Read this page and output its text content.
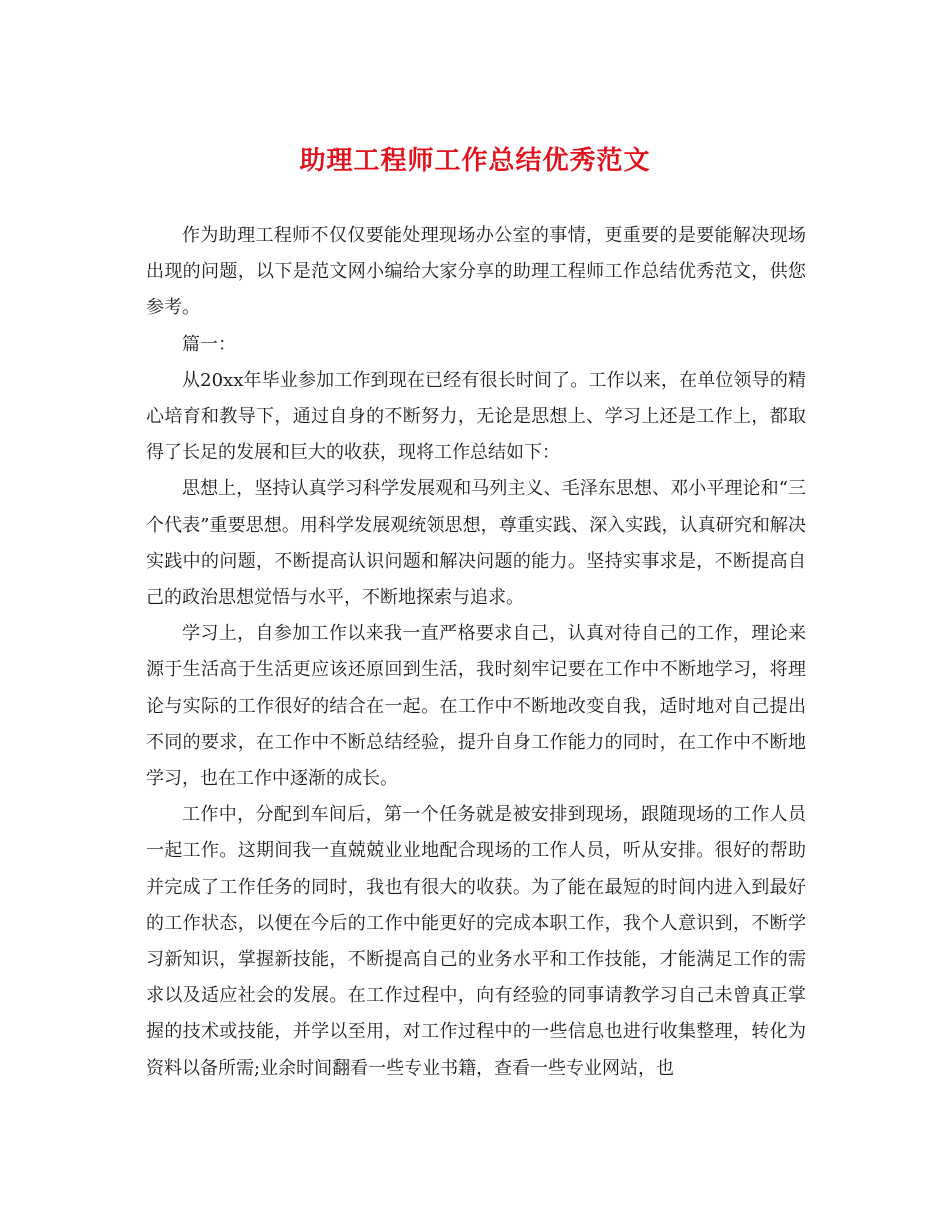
助理工程师工作总结优秀范文

作为助理工程师不仅仅要能处理现场办公室的事情，更重要的是要能解决现场出现的问题，以下是范文网小编给大家分享的助理工程师工作总结优秀范文，供您参考。

篇一：

从20xx年毕业参加工作到现在已经有很长时间了。工作以来，在单位领导的精心培育和教导下，通过自身的不断努力，无论是思想上、学习上还是工作上，都取得了长足的发展和巨大的收获，现将工作总结如下：

思想上，坚持认真学习科学发展观和马列主义、毛泽东思想、邓小平理论和“三个代表”重要思想。用科学发展观统领思想，尊重实践、深入实践，认真研究和解决实践中的问题，不断提高认识问题和解决问题的能力。坚持实事求是，不断提高自己的政治思想觉悟与水平，不断地探索与追求。

学习上，自参加工作以来我一直严格要求自己，认真对待自己的工作，理论来源于生活高于生活更应该还原回到生活，我时刻牢记要在工作中不断地学习，将理论与实际的工作很好的结合在一起。在工作中不断地改变自我，适时地对自己提出不同的要求，在工作中不断总结经验，提升自身工作能力的同时，在工作中不断地学习，也在工作中逐渐的成长。

工作中，分配到车间后，第一个任务就是被安排到现场，跟随现场的工作人员一起工作。这期间我一直兢兢业业地配合现场的工作人员，听从安排。很好的帮助并完成了工作任务的同时，我也有很大的收获。为了能在最短的时间内进入到最好的工作状态，以便在今后的工作中能更好的完成本职工作，我个人意识到，不断学习新知识，掌握新技能，不断提高自己的业务水平和工作技能，才能满足工作的需求以及适应社会的发展。在工作过程中，向有经验的同事请教学习自己未曾真正掌握的技术或技能，并学以至用，对工作过程中的一些信息也进行收集整理，转化为资料以备所需;业余时间翻看一些专业书籍，查看一些专业网站，也
